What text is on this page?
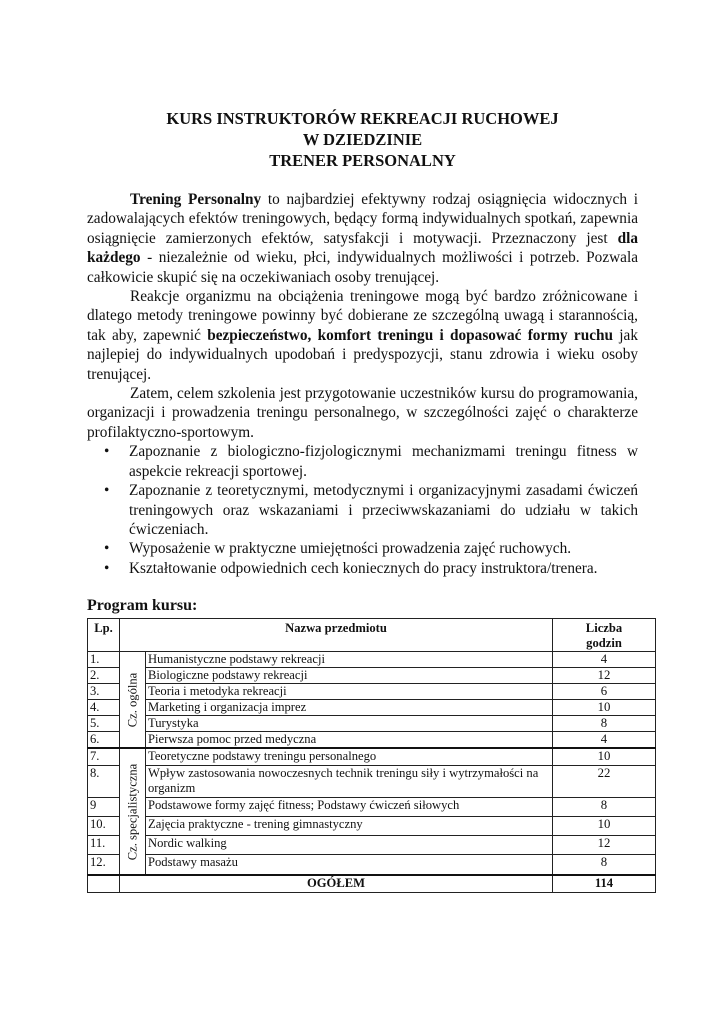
KURS INSTRUKTORÓW REKREACJI RUCHOWEJ
W DZIEDZINIE
TRENER PERSONALNY

Trening Personalny to najbardziej efektywny rodzaj osiągnięcia widocznych i zadowalających efektów treningowych, będący formą indywidualnych spotkań, zapewnia osiągnięcie zamierzonych efektów, satysfakcji i motywacji. Przeznaczony jest dla każdego - niezależnie od wieku, płci, indywidualnych możliwości i potrzeb. Pozwala całkowicie skupić się na oczekiwaniach osoby trenującej.

Reakcje organizmu na obciążenia treningowe mogą być bardzo zróżnicowane i dlatego metody treningowe powinny być dobierane ze szczególną uwagą i starannością, tak aby, zapewnić bezpieczeństwo, komfort treningu i dopasować formy ruchu jak najlepiej do indywidualnych upodobań i predyspozycji, stanu zdrowia i wieku osoby trenującej.

Zatem, celem szkolenia jest przygotowanie uczestników kursu do programowania, organizacji i prowadzenia treningu personalnego, w szczególności zajęć o charakterze profilaktyczno-sportowym.

• Zapoznanie z biologiczno-fizjologicznymi mechanizmami treningu fitness w aspekcie rekreacji sportowej.
• Zapoznanie z teoretycznymi, metodycznymi i organizacyjnymi zasadami ćwiczeń treningowych oraz wskazaniami i przeciwwskazaniami do udziału w takich ćwiczeniach.
• Wyposażenie w praktyczne umiejętności prowadzenia zajęć ruchowych.
• Kształtowanie odpowiednich cech koniecznych do pracy instruktora/trenera.
Program kursu:
Lp.	Nazwa przedmiotu		Liczba godzin
1.	Cz. ogólna	Humanistyczne podstawy rekreacji	4
2.		Biologiczne podstawy rekreacji	12
3.		Teoria i metodyka rekreacji	6
4.		Marketing i organizacja imprez	10
5.		Turystyka	8
6.		Pierwsza pomoc przed medyczna	4
7.	Cz. specjalistyczna	Teoretyczne podstawy treningu personalnego	10
8.		Wpływ zastosowania nowoczesnych technik treningu siły i wytrzymałości na organizm	22
9		Podstawowe formy zajęć fitness; Podstawy ćwiczeń siłowych	8
10.		Zajęcia praktyczne - trening gimnastyczny	10
11.		Nordic walking	12
12.		Podstawy masażu	8
	OGÓŁEM		114
